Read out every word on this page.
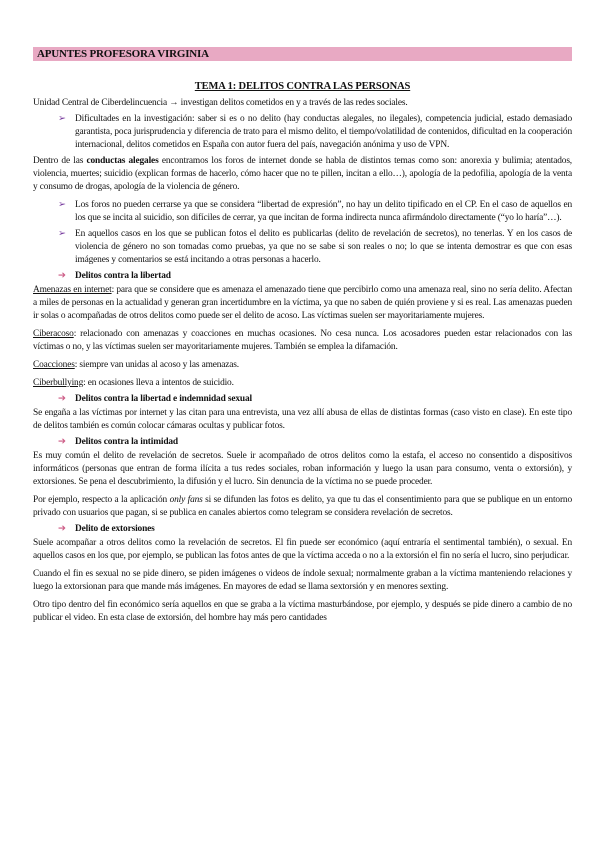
APUNTES PROFESORA VIRGINIA
TEMA 1: DELITOS CONTRA LAS PERSONAS

Unidad Central de Ciberdelincuencia → investigan delitos cometidos en y a través de las redes sociales.

➢ Dificultades en la investigación: saber si es o no delito (hay conductas alegales, no ilegales), competencia judicial, estado demasiado garantista, poca jurisprudencia y diferencia de trato para el mismo delito, el tiempo/volatilidad de contenidos, dificultad en la cooperación internacional, delitos cometidos en España con autor fuera del país, navegación anónima y uso de VPN.

Dentro de las conductas alegales encontramos los foros de internet donde se habla de distintos temas como son: anorexia y bulimia; atentados, violencia, muertes; suicidio (explican formas de hacerlo, cómo hacer que no te pillen, incitan a ello…), apología de la pedofilia, apología de la venta y consumo de drogas, apología de la violencia de género.

➢ Los foros no pueden cerrarse ya que se considera “libertad de expresión”, no hay un delito tipificado en el CP. En el caso de aquellos en los que se incita al suicidio, son difíciles de cerrar, ya que incitan de forma indirecta nunca afirmándolo directamente (“yo lo haría”…).
➢ En aquellos casos en los que se publican fotos el delito es publicarlas (delito de revelación de secretos), no tenerlas. Y en los casos de violencia de género no son tomadas como pruebas, ya que no se sabe si son reales o no; lo que se intenta demostrar es que con esas imágenes y comentarios se está incitando a otras personas a hacerlo.
➔ Delitos contra la libertad

Amenazas en internet: para que se considere que es amenaza el amenazado tiene que percibirlo como una amenaza real, sino no sería delito. Afectan a miles de personas en la actualidad y generan gran incertidumbre en la víctima, ya que no saben de quién proviene y si es real. Las amenazas pueden ir solas o acompañadas de otros delitos como puede ser el delito de acoso. Las víctimas suelen ser mayoritariamente mujeres.

Ciberacoso: relacionado con amenazas y coacciones en muchas ocasiones. No cesa nunca. Los acosadores pueden estar relacionados con las víctimas o no, y las víctimas suelen ser mayoritariamente mujeres. También se emplea la difamación.

Coacciones: siempre van unidas al acoso y las amenazas.

Ciberbullying: en ocasiones lleva a intentos de suicidio.

➔ Delitos contra la libertad e indemnidad sexual

Se engaña a las víctimas por internet y las citan para una entrevista, una vez allí abusa de ellas de distintas formas (caso visto en clase). En este tipo de delitos también es común colocar cámaras ocultas y publicar fotos.

➔ Delitos contra la intimidad

Es muy común el delito de revelación de secretos. Suele ir acompañado de otros delitos como la estafa, el acceso no consentido a dispositivos informáticos (personas que entran de forma ilícita a tus redes sociales, roban información y luego la usan para consumo, venta o extorsión), y extorsiones. Se pena el descubrimiento, la difusión y el lucro. Sin denuncia de la víctima no se puede proceder.

Por ejemplo, respecto a la aplicación only fans si se difunden las fotos es delito, ya que tu das el consentimiento para que se publique en un entorno privado con usuarios que pagan, si se publica en canales abiertos como telegram se considera revelación de secretos.

➔ Delito de extorsiones

Suele acompañar a otros delitos como la revelación de secretos. El fin puede ser económico (aquí entraría el sentimental también), o sexual. En aquellos casos en los que, por ejemplo, se publican las fotos antes de que la víctima acceda o no a la extorsión el fin no sería el lucro, sino perjudicar.

Cuando el fin es sexual no se pide dinero, se piden imágenes o videos de índole sexual; normalmente graban a la víctima manteniendo relaciones y luego la extorsionan para que mande más imágenes. En mayores de edad se llama sextorsión y en menores sexting.

Otro tipo dentro del fin económico sería aquellos en que se graba a la víctima masturbándose, por ejemplo, y después se pide dinero a cambio de no publicar el video. En esta clase de extorsión, del hombre hay más pero cantidades
